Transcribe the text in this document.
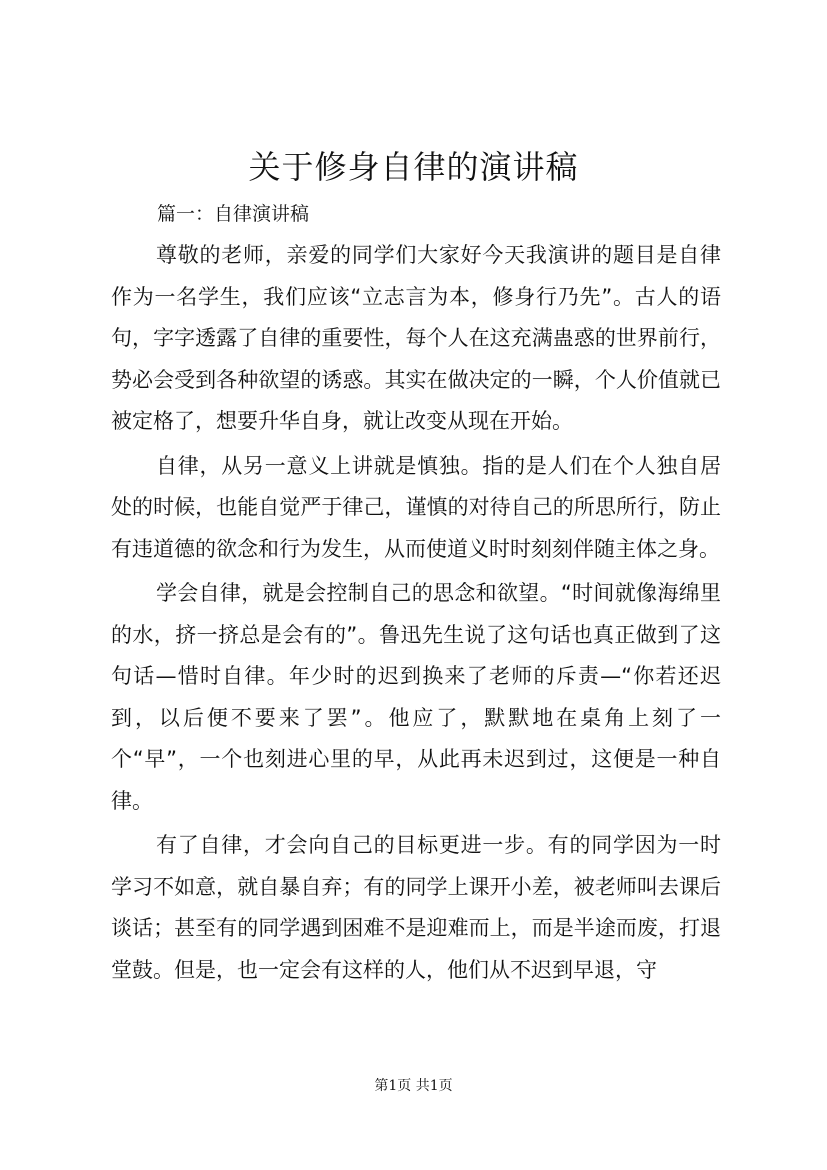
关于修身自律的演讲稿
篇一：自律演讲稿

尊敬的老师，亲爱的同学们大家好今天我演讲的题目是自律作为一名学生，我们应该“立志言为本，修身行乃先”。古人的语句，字字透露了自律的重要性，每个人在这充满蛊惑的世界前行，势必会受到各种欲望的诱惑。其实在做决定的一瞬，个人价值就已被定格了，想要升华自身，就让改变从现在开始。

自律，从另一意义上讲就是慎独。指的是人们在个人独自居处的时候，也能自觉严于律己，谨慎的对待自己的所思所行，防止有违道德的欲念和行为发生，从而使道义时时刻刻伴随主体之身。

学会自律，就是会控制自己的思念和欲望。“时间就像海绵里的水，挤一挤总是会有的”。鲁迅先生说了这句话也真正做到了这句话—惜时自律。年少时的迟到换来了老师的斥责—“你若还迟到，以后便不要来了罢”。他应了，默默地在桌角上刻了一个“早”，一个也刻进心里的早，从此再未迟到过，这便是一种自律。

有了自律，才会向自己的目标更进一步。有的同学因为一时学习不如意，就自暴自弃；有的同学上课开小差，被老师叫去课后谈话；甚至有的同学遇到困难不是迎难而上，而是半途而废，打退堂鼓。但是，也一定会有这样的人，他们从不迟到早退，守

第1页 共1页
